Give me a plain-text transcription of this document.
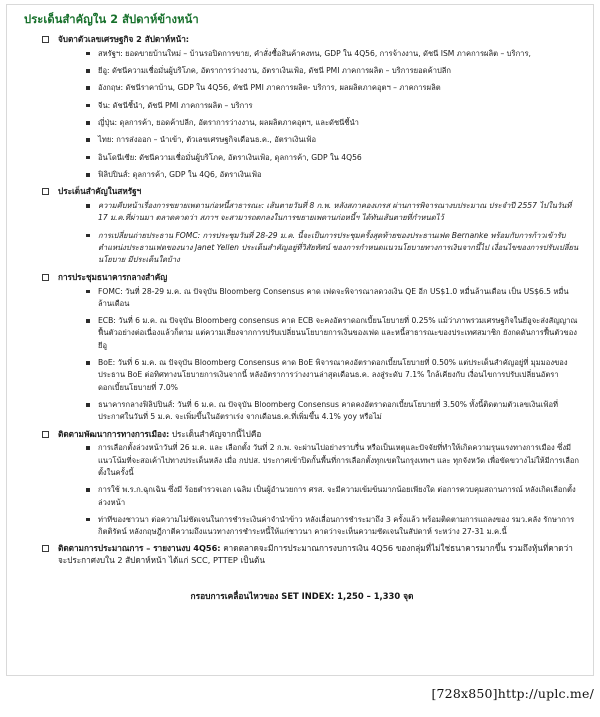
ประเด็นสำคัญใน 2 สัปดาห์ข้างหน้า
จับตาตัวเลขเศรษฐกิจ 2 สัปดาห์หน้า:
สหรัฐฯ: ยอดขายบ้านใหม่ – บ้านรอปิดการขาย, คำสั่งซื้อสินค้าคงทน, GDP ใน 4Q56, การจ้างงาน, ดัชนี ISM ภาคการผลิต – บริการ,
ยีอู: ดัชนีความเชื่อมั่นผู้บริโภค, อัตราการว่างงาน, อัตราเงินเฟ้อ, ดัชนี PMI ภาคการผลิต – บริการยอดค้าปลีก
อังกฤษ: ดัชนีราคาบ้าน, GDP ใน 4Q56, ดัชนี PMI ภาคการผลิต- บริการ, ผลผลิตภาคอุตฯ – ภาคการผลิต
จีน: ดัชนีชี้นำ, ดัชนี PMI ภาคการผลิต – บริการ
ญี่ปุ่น: ดุลการค้า, ยอดค้าปลีก, อัตราการว่างงาน, ผลผลิตภาคอุตฯ, และดัชนีชี้นำ
ไทย: การส่งออก – นำเข้า, ตัวเลขเศรษฐกิจเดือนธ.ค., อัตราเงินเฟ้อ
อินโดนีเซีย: ดัชนีความเชื่อมั่นผู้บริโภค, อัตราเงินเฟ้อ, ดุลการค้า, GDP ใน 4Q56
ฟิลิปปินส์: ดุลการค้า, GDP ใน 4Q6, อัตราเงินเฟ้อ
ประเด็นสำคัญในสหรัฐฯ
ความคืบหน้าเรื่องการขยายเพดานก่อหนี้สาธารณะ: เส้นตายวันที่ 8 ก.พ. หลังสภาคองเกรส ผ่านการพิจารณางบประมาณ ประจำปี 2557 ไปในวันที่ 17 ม.ค.ที่ผ่านมา ตลาดคาดว่า สภาฯ จะสามารถตกลงในการขยายเพดานก่อหนี้ฯ ได้ทันเส้นตายที่กำหนดไว้
การเปลี่ยนถ่ายประธาน FOMC: การประชุมวันที่ 28-29 ม.ค. นี้จะเป็นการประชุมครั้งสุดท้ายของประธานเฟด Bernanke พร้อมกับการก้าวเข้ารับตำแหน่งประธานเฟดของนาง Janet Yellen ประเด็นสำคัญอยู่ที่วิสัยทัศน์ ของการกำหนดแนวนโยบายทางการเงินจากนี้ไป เงื่อนไขของการปรับเปลี่ยนนโยบาย มีประเด็นใดบ้าง
การประชุมธนาคารกลางสำคัญ
FOMC: วันที่ 28-29 ม.ค. ณ ปัจจุบัน Bloomberg Consensus คาด เฟดจะพิจารณาลดวงเงิน QE อีก US$1.0 หมื่นล้านเดือน เป็น US$6.5 หมื่นล้านเดือน
ECB: วันที่ 6 ม.ค. ณ ปัจจุบัน Bloomberg consensus คาด ECB จะคงอัตราดอกเบี้ยนโยบายที่ 0.25% แม้ว่าภาพรวมเศรษฐกิจในยีอูจะส่งสัญญาณฟื้นตัวอย่างต่อเนื่องแล้วก็ตาม แต่ความเสี่ยงจากการปรับเปลี่ยนนโยบายการเงินของเฟด และหนี้สาธารณะของประเทศสมาชิก ยังกดดันการฟื้นตัวของยีอู
BoE: วันที่ 6 ม.ค. ณ ปัจจุบัน Bloomberg Consensus คาด BoE พิจารณาคงอัตราดอกเบี้ยนโยบายที่ 0.50% แต่ประเด็นสำคัญอยู่ที่ มุมมองของประธาน BoE ต่อทิศทางนโยบายการเงินจากนี้ หลังอัตราการว่างงานล่าสุดเดือนธ.ค. ลงสู่ระดับ 7.1% ใกล้เคียงกับ เงื่อนไขการปรับเปลี่ยนอัตราดอกเบี้ยนโยบายที่ 7.0%
ธนาคารกลางฟิลิปปินส์: วันที่ 6 ม.ค. ณ ปัจจุบัน Bloomberg Consensus คาดคงอัตราดอกเบี้ยนโยบายที่ 3.50% ทั้งนี้ติดตามตัวเลขเงินเฟ้อที่ประกาศในวันที่ 5 ม.ค. จะเพิ่มขึ้นในอัตราเร่ง จากเดือนธ.ค.ที่เพิ่มขึ้น 4.1% yoy หรือไม่
ติดตามพัฒนาการทางการเมือง: ประเด็นสำคัญจากนี้ไปคือ
การเลือกตั้งล่วงหน้าวันที่ 26 ม.ค. และ เลือกตั้ง วันที่ 2 ก.พ. จะผ่านไปอย่างราบรื่น หรือเป็นเหตุและปัจจัยที่ทำให้เกิดความรุนแรงทางการเมือง ซึ่งมีแนวโน้มที่จะสอเค้าไปทางประเด็นหลัง เมื่อ กปปส. ประกาศเข้าปิดกั้นพื้นที่การเลือกตั้งทุกเขตในกรุงเทพฯ และ ทุกจังหวัด เพื่อขัดขวางไม่ให้มีการเลือกตั้งในครั้งนี้
การใช้ พ.ร.ก.ฉุกเฉิน ซึ่งมี ร้อยตำรวจเอก เฉลิม เป็นผู้อำนวยการ ศรส. จะมีความเข้มข้นมากน้อยเพียงใด ต่อการควบคุมสถานการณ์ หลังเกิดเลือกตั้งล่วงหน้า
ท่าทีของชาวนา ต่อความไม่ชัดเจนในการชำระเงินค่าจำนำข้าว หลังเลื่อนการชำระมาถึง 3 ครั้งแล้ว พร้อมติดตามการแถลงของ รมว.คลัง รักษาการ กิตติรัตน์ หลังกฤษฎีกาตีความถึงแนวทางการชำระหนี้ให้แก่ชาวนา คาดว่าจะเห็นความชัดเจนในสัปดาห์ ระหว่าง 27-31 ม.ค.นี้
ติดตามการประมาณการ – รายงานงบ 4Q56: คาดตลาดจะมีการประมาณการงบการเงิน 4Q56 ของกลุ่มที่ไม่ใช่ธนาคารมากขึ้น รวมถึงหุ้นที่คาดว่าจะประกาศงบใน 2 สัปดาห์หน้า ได้แก่ SCC, PTTEP เป็นต้น
กรอบการเคลื่อนไหวของ SET INDEX: 1,250 – 1,330 จุด
[728x850]http://uplc.me/
